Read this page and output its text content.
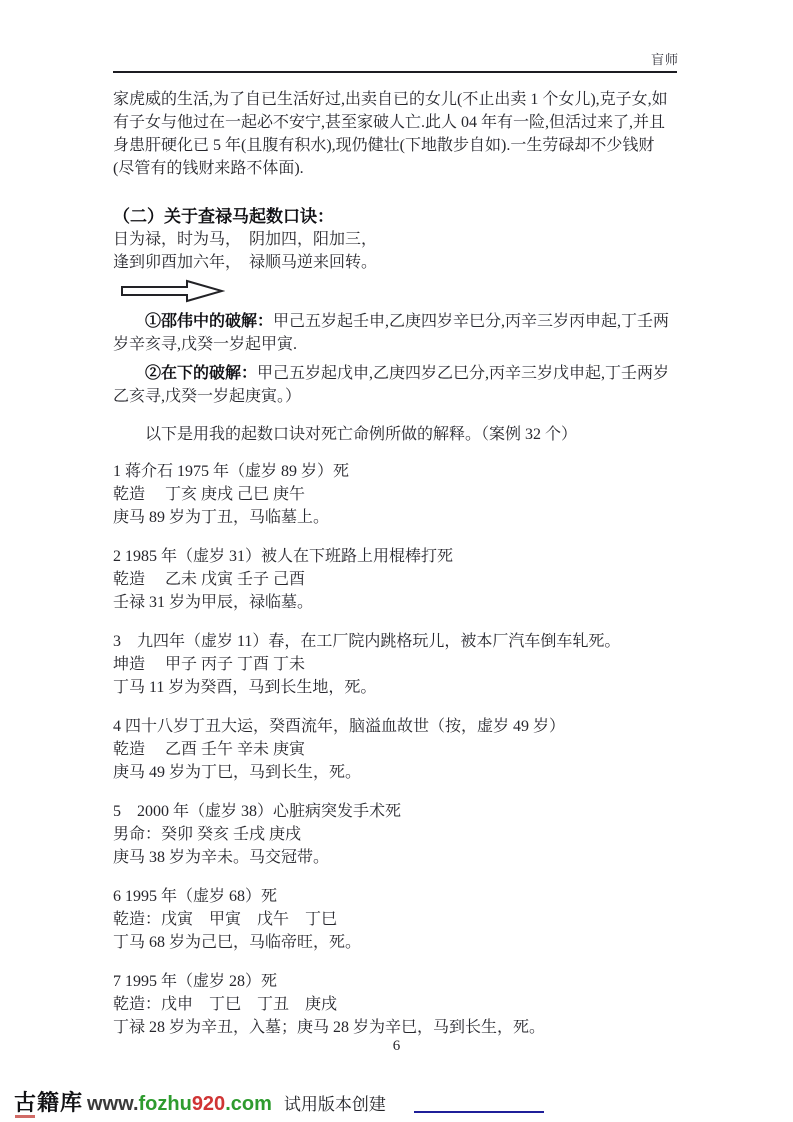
盲师
家虎威的生活,为了自已生活好过,出卖自已的女儿(不止出卖 1 个女儿),克子女,如
有子女与他过在一起必不安宁,甚至家破人亡.此人 04 年有一险,但活过来了,并且
身患肝硬化已 5 年(且腹有积水),现仍健壮(下地散步自如).一生劳碌却不少钱财
(尽管有的钱财来路不体面).
（二）关于查禄马起数口诀：
日为禄，时为马，　阴加四，阳加三，
逢到卯酉加六年，　禄顺马逆来回转。

①邵伟中的破解：甲己五岁起壬申,乙庚四岁辛巳分,丙辛三岁丙申起,丁壬两岁辛亥寻,戊癸一岁起甲寅.

②在下的破解：甲己五岁起戊申,乙庚四岁乙巳分,丙辛三岁戊申起,丁壬两岁乙亥寻,戊癸一岁起庚寅。）

以下是用我的起数口诀对死亡命例所做的解释。（案例 32 个）

1 蒋介石 1975 年（虚岁 89 岁）死
乾造　 丁亥 庚戌 己巳 庚午
庚马 89 岁为丁丑，马临墓上。
2 1985 年（虚岁 31）被人在下班路上用棍棒打死
乾造　 乙未 戊寅 壬子 己酉
壬禄 31 岁为甲辰，禄临墓。
3　九四年（虚岁 11）春，在工厂院内跳格玩儿，被本厂汽车倒车轧死。
坤造　 甲子 丙子 丁酉 丁未
丁马 11 岁为癸酉，马到长生地，死。
4 四十八岁丁丑大运，癸酉流年，脑溢血故世（按，虚岁 49 岁）
乾造　 乙酉 壬午 辛未 庚寅
庚马 49 岁为丁巳，马到长生，死。
5　2000 年（虚岁 38）心脏病突发手术死
男命：癸卯 癸亥 壬戌 庚戌
庚马 38 岁为辛未。马交冠带。
6 1995 年（虚岁 68）死
乾造：戊寅　甲寅　戊午　丁巳
丁马 68 岁为己巳，马临帝旺，死。
7 1995 年（虚岁 28）死
乾造：戊申　丁巳　丁丑　庚戌
丁禄 28 岁为辛丑，入墓；庚马 28 岁为辛巳，马到长生，死。
6
古籍库 www.fozhu920.com 试用版本创建
